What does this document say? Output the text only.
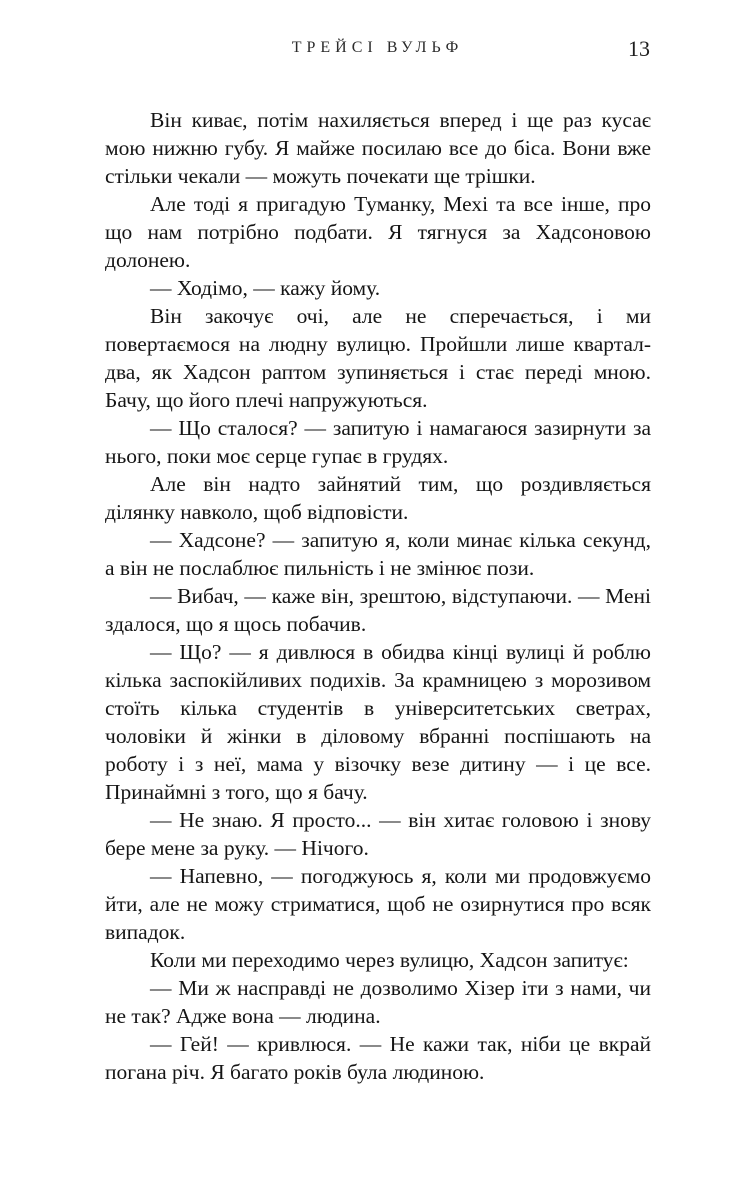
ТРЕЙСІ ВУЛЬФ	13

Він киває, потім нахиляється вперед і ще раз кусає мою нижню губу. Я майже посилаю все до біса. Вони вже стільки чекали — можуть почекати ще трішки.

Але тоді я пригадую Туманку, Мехі та все інше, про що нам потрібно подбати. Я тягнуся за Хадсоновою долонею.

— Ходімо, — кажу йому.

Він закочує очі, але не сперечається, і ми повертаємося на людну вулицю. Пройшли лише квартал-два, як Хадсон раптом зупиняється і стає переді мною. Бачу, що його плечі напружуються.

— Що сталося? — запитую і намагаюся зазирнути за нього, поки моє серце гупає в грудях.

Але він надто зайнятий тим, що роздивляється ділянку навколо, щоб відповісти.

— Хадсоне? — запитую я, коли минає кілька секунд, а він не послаблює пильність і не змінює пози.

— Вибач, — каже він, зрештою, відступаючи. — Мені здалося, що я щось побачив.

— Що? — я дивлюся в обидва кінці вулиці й роблю кілька заспокійливих подихів. За крамницею з морозивом стоїть кілька студентів в університетських светрах, чоловіки й жінки в діловому вбранні поспішають на роботу і з неї, мама у візочку везе дитину — і це все. Принаймні з того, що я бачу.

— Не знаю. Я просто... — він хитає головою і знову бере мене за руку. — Нічого.

— Напевно, — погоджуюсь я, коли ми продовжуємо йти, але не можу стриматися, щоб не озирнутися про всяк випадок.

Коли ми переходимо через вулицю, Хадсон запитує:

— Ми ж насправді не дозволимо Хізер іти з нами, чи не так? Адже вона — людина.

— Гей! — кривлюся. — Не кажи так, ніби це вкрай погана річ. Я багато років була людиною.
